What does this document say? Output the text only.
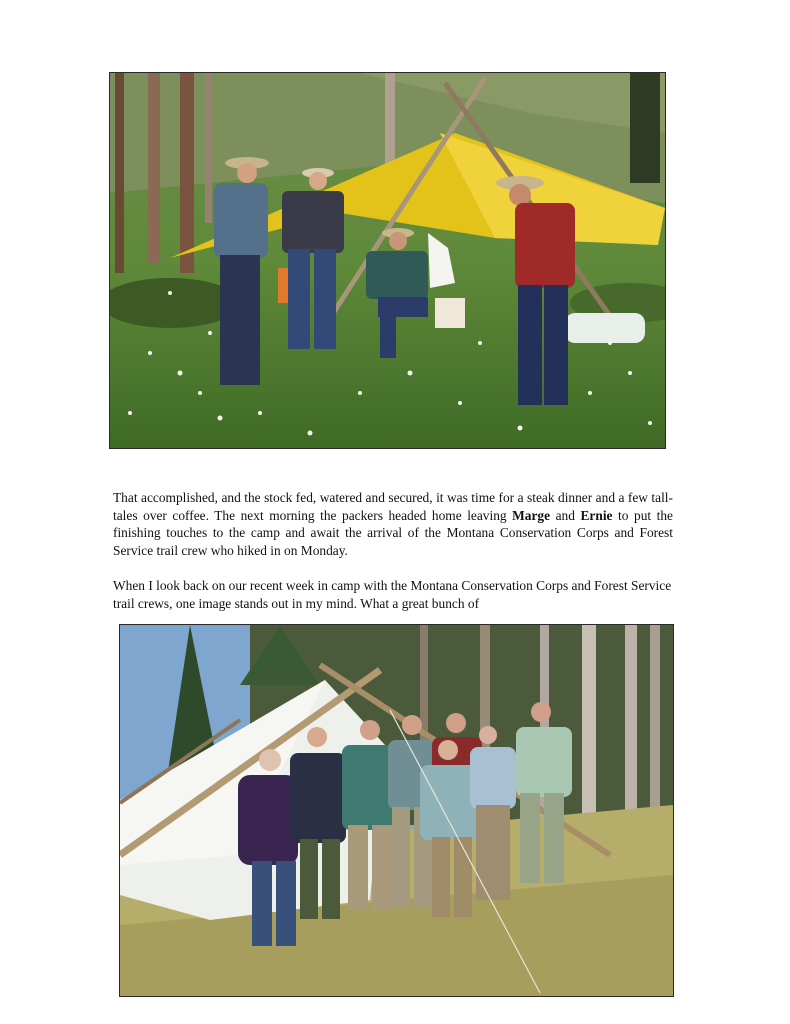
That accomplished, and the stock fed, watered and secured, it was time for a steak dinner and a few tall-tales over coffee. The next morning the packers headed home leaving Marge and Ernie to put the finishing touches to the camp and await the arrival of the Montana Conservation Corps and Forest Service trail crew who hiked in on Monday.
When I look back on our recent week in camp with the Montana Conservation Corps and Forest Service trail crews, one image stands out in my mind. What a great bunch of
